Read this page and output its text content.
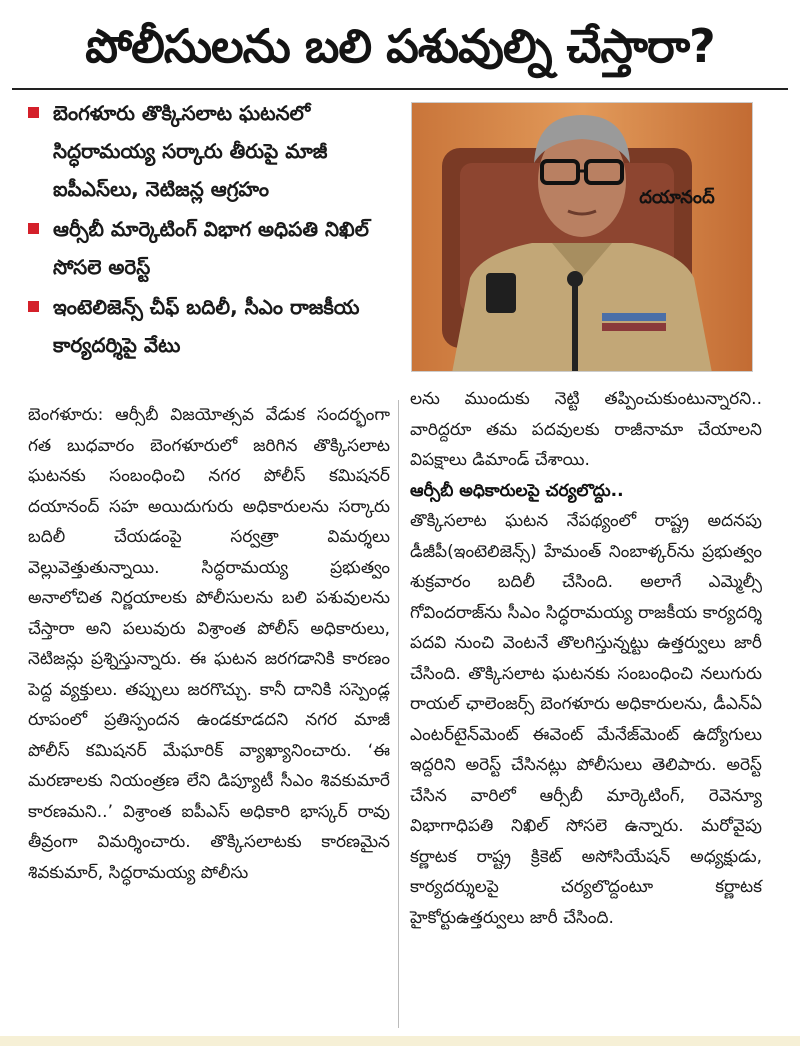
పోలీసులను బలి పశువుల్ని చేస్తారా?
బెంగళూరు తొక్కిసలాట ఘటనలో సిద్ధరామయ్య సర్కారు తీరుపై మాజీ ఐపీఎస్‌లు, నెటిజన్ల ఆగ్రహం
ఆర్సీబీ మార్కెటింగ్ విభాగ అధిపతి నిఖిల్ సోసలె అరెస్ట్
ఇంటెలిజెన్స్ చీఫ్ బదిలీ, సీఎం రాజకీయ కార్యదర్శిపై వేటు
దయానంద్

బెంగళూరు: ఆర్సీబీ విజయోత్సవ వేడుక సందర్భంగా గత బుధవారం బెంగళూరులో జరిగిన తొక్కిసలాట ఘటనకు సంబంధించి నగర పోలీస్ కమిషనర్ దయానంద్ సహ అయిదుగురు అధికారులను సర్కారు బదిలీ చేయడంపై సర్వత్రా విమర్శలు వెల్లువెత్తుతున్నాయి. సిద్ధరామయ్య ప్రభుత్వం అనాలోచిత నిర్ణయాలకు పోలీసులను బలి పశువులను చేస్తారా అని పలువురు విశ్రాంత పోలీస్ అధికారులు, నెటిజన్లు ప్రశ్నిస్తున్నారు. ఈ ఘటన జరగడానికి కారణం పెద్ద వ్యక్తులు. తప్పులు జరగొచ్చు. కానీ దానికి సస్పెండ్ల రూపంలో ప్రతిస్పందన ఉండకూడదని నగర మాజీ పోలీస్ కమిషనర్ మేఘారిక్ వ్యాఖ్యానించారు. ‘ఈ మరణాలకు నియంత్రణ లేని డిప్యూటీ సీఎం శివకుమారే కారణమని..’ విశ్రాంత ఐపీఎస్ అధికారి భాస్కర్ రావు తీవ్రంగా విమర్శించారు. తొక్కిసలాటకు కారణమైన శివకుమార్, సిద్ధరామయ్య పోలీసు

లను ముందుకు నెట్టి తప్పించుకుంటున్నారని.. వారిద్దరూ తమ పదవులకు రాజీనామా చేయాలని విపక్షాలు డిమాండ్ చేశాయి.

ఆర్సీబీ అధికారులపై చర్యలొద్దు..

తొక్కిసలాట ఘటన నేపథ్యంలో రాష్ట్ర అదనపు డీజీపీ(ఇంటెలిజెన్స్) హేమంత్ నింబాళ్కర్‌ను ప్రభుత్వం శుక్రవారం బదిలీ చేసింది. అలాగే ఎమ్మెల్సీ గోవిందరాజ్‌ను సీఎం సిద్ధరామయ్య రాజకీయ కార్యదర్శి పదవి నుంచి వెంటనే తొలగిస్తున్నట్టు ఉత్తర్వులు జారీ చేసింది. తొక్కిసలాట ఘటనకు సంబంధించి నలుగురు రాయల్ ఛాలెంజర్స్ బెంగళూరు అధికారులను, డీఎన్ఏ ఎంటర్‌టైన్‌మెంట్ ఈవెంట్ మేనేజ్‌మెంట్ ఉద్యోగులు ఇద్దరిని అరెస్ట్ చేసినట్లు పోలీసులు తెలిపారు. అరెస్ట్ చేసిన వారిలో ఆర్సీబీ మార్కెటింగ్, రెవెన్యూ విభాగాధిపతి నిఖిల్ సోసలె ఉన్నారు. మరోవైపు కర్ణాటక రాష్ట్ర క్రికెట్ అసోసియేషన్ అధ్యక్షుడు, కార్యదర్శులపై చర్యలొద్దంటూ కర్ణాటక హైకోర్టుఉత్తర్వులు జారీ చేసింది.
